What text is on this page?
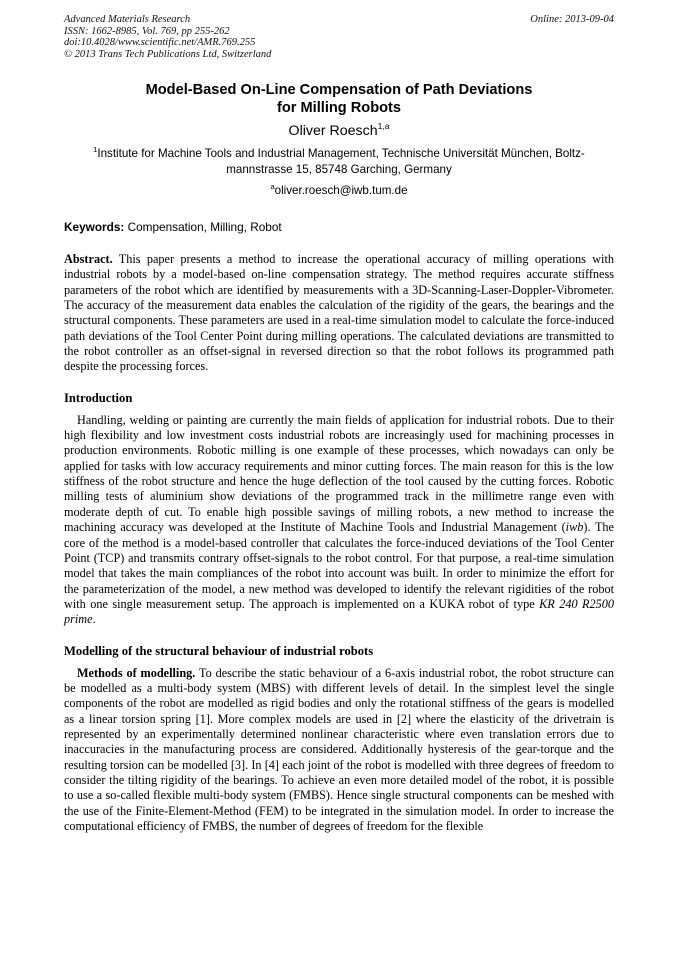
Advanced Materials Research
ISSN: 1662-8985, Vol. 769, pp 255-262
doi:10.4028/www.scientific.net/AMR.769.255
© 2013 Trans Tech Publications Ltd, Switzerland
Online: 2013-09-04
Model-Based On-Line Compensation of Path Deviations
for Milling Robots
Oliver Roesch$^{1,a}$
$^1$Institute for Machine Tools and Industrial Management, Technische Universität München, Boltz-
mannstrasse 15, 85748 Garching, Germany
$^a$oliver.roesch@iwb.tum.de
Keywords: Compensation, Milling, Robot

Abstract. This paper presents a method to increase the operational accuracy of milling operations with industrial robots by a model-based on-line compensation strategy. The method requires accurate stiffness parameters of the robot which are identified by measurements with a 3D-Scanning-Laser-Doppler-Vibrometer. The accuracy of the measurement data enables the calculation of the rigidity of the gears, the bearings and the structural components. These parameters are used in a real-time simulation model to calculate the force-induced path deviations of the Tool Center Point during milling operations. The calculated deviations are transmitted to the robot controller as an offset-signal in reversed direction so that the robot follows its programmed path despite the processing forces.

Introduction

Handling, welding or painting are currently the main fields of application for industrial robots. Due to their high flexibility and low investment costs industrial robots are increasingly used for machining processes in production environments. Robotic milling is one example of these processes, which nowadays can only be applied for tasks with low accuracy requirements and minor cutting forces. The main reason for this is the low stiffness of the robot structure and hence the huge deflection of the tool caused by the cutting forces. Robotic milling tests of aluminium show deviations of the programmed track in the millimetre range even with moderate depth of cut. To enable high possible savings of milling robots, a new method to increase the machining accuracy was developed at the Institute of Machine Tools and Industrial Management (iwb). The core of the method is a model-based controller that calculates the force-induced deviations of the Tool Center Point (TCP) and transmits contrary offset-signals to the robot control. For that purpose, a real-time simulation model that takes the main compliances of the robot into account was built. In order to minimize the effort for the parameterization of the model, a new method was developed to identify the relevant rigidities of the robot with one single measurement setup. The approach is implemented on a KUKA robot of type KR 240 R2500 prime.

Modelling of the structural behaviour of industrial robots

Methods of modelling. To describe the static behaviour of a 6-axis industrial robot, the robot structure can be modelled as a multi-body system (MBS) with different levels of detail. In the simplest level the single components of the robot are modelled as rigid bodies and only the rotational stiffness of the gears is modelled as a linear torsion spring [1]. More complex models are used in [2] where the elasticity of the drivetrain is represented by an experimentally determined nonlinear characteristic where even translation errors due to inaccuracies in the manufacturing process are considered. Additionally hysteresis of the gear-torque and the resulting torsion can be modelled [3]. In [4] each joint of the robot is modelled with three degrees of freedom to consider the tilting rigidity of the bearings. To achieve an even more detailed model of the robot, it is possible to use a so-called flexible multi-body system (FMBS). Hence single structural components can be meshed with the use of the Finite-Element-Method (FEM) to be integrated in the simulation model. In order to increase the computational efficiency of FMBS, the number of degrees of freedom for the flexible
